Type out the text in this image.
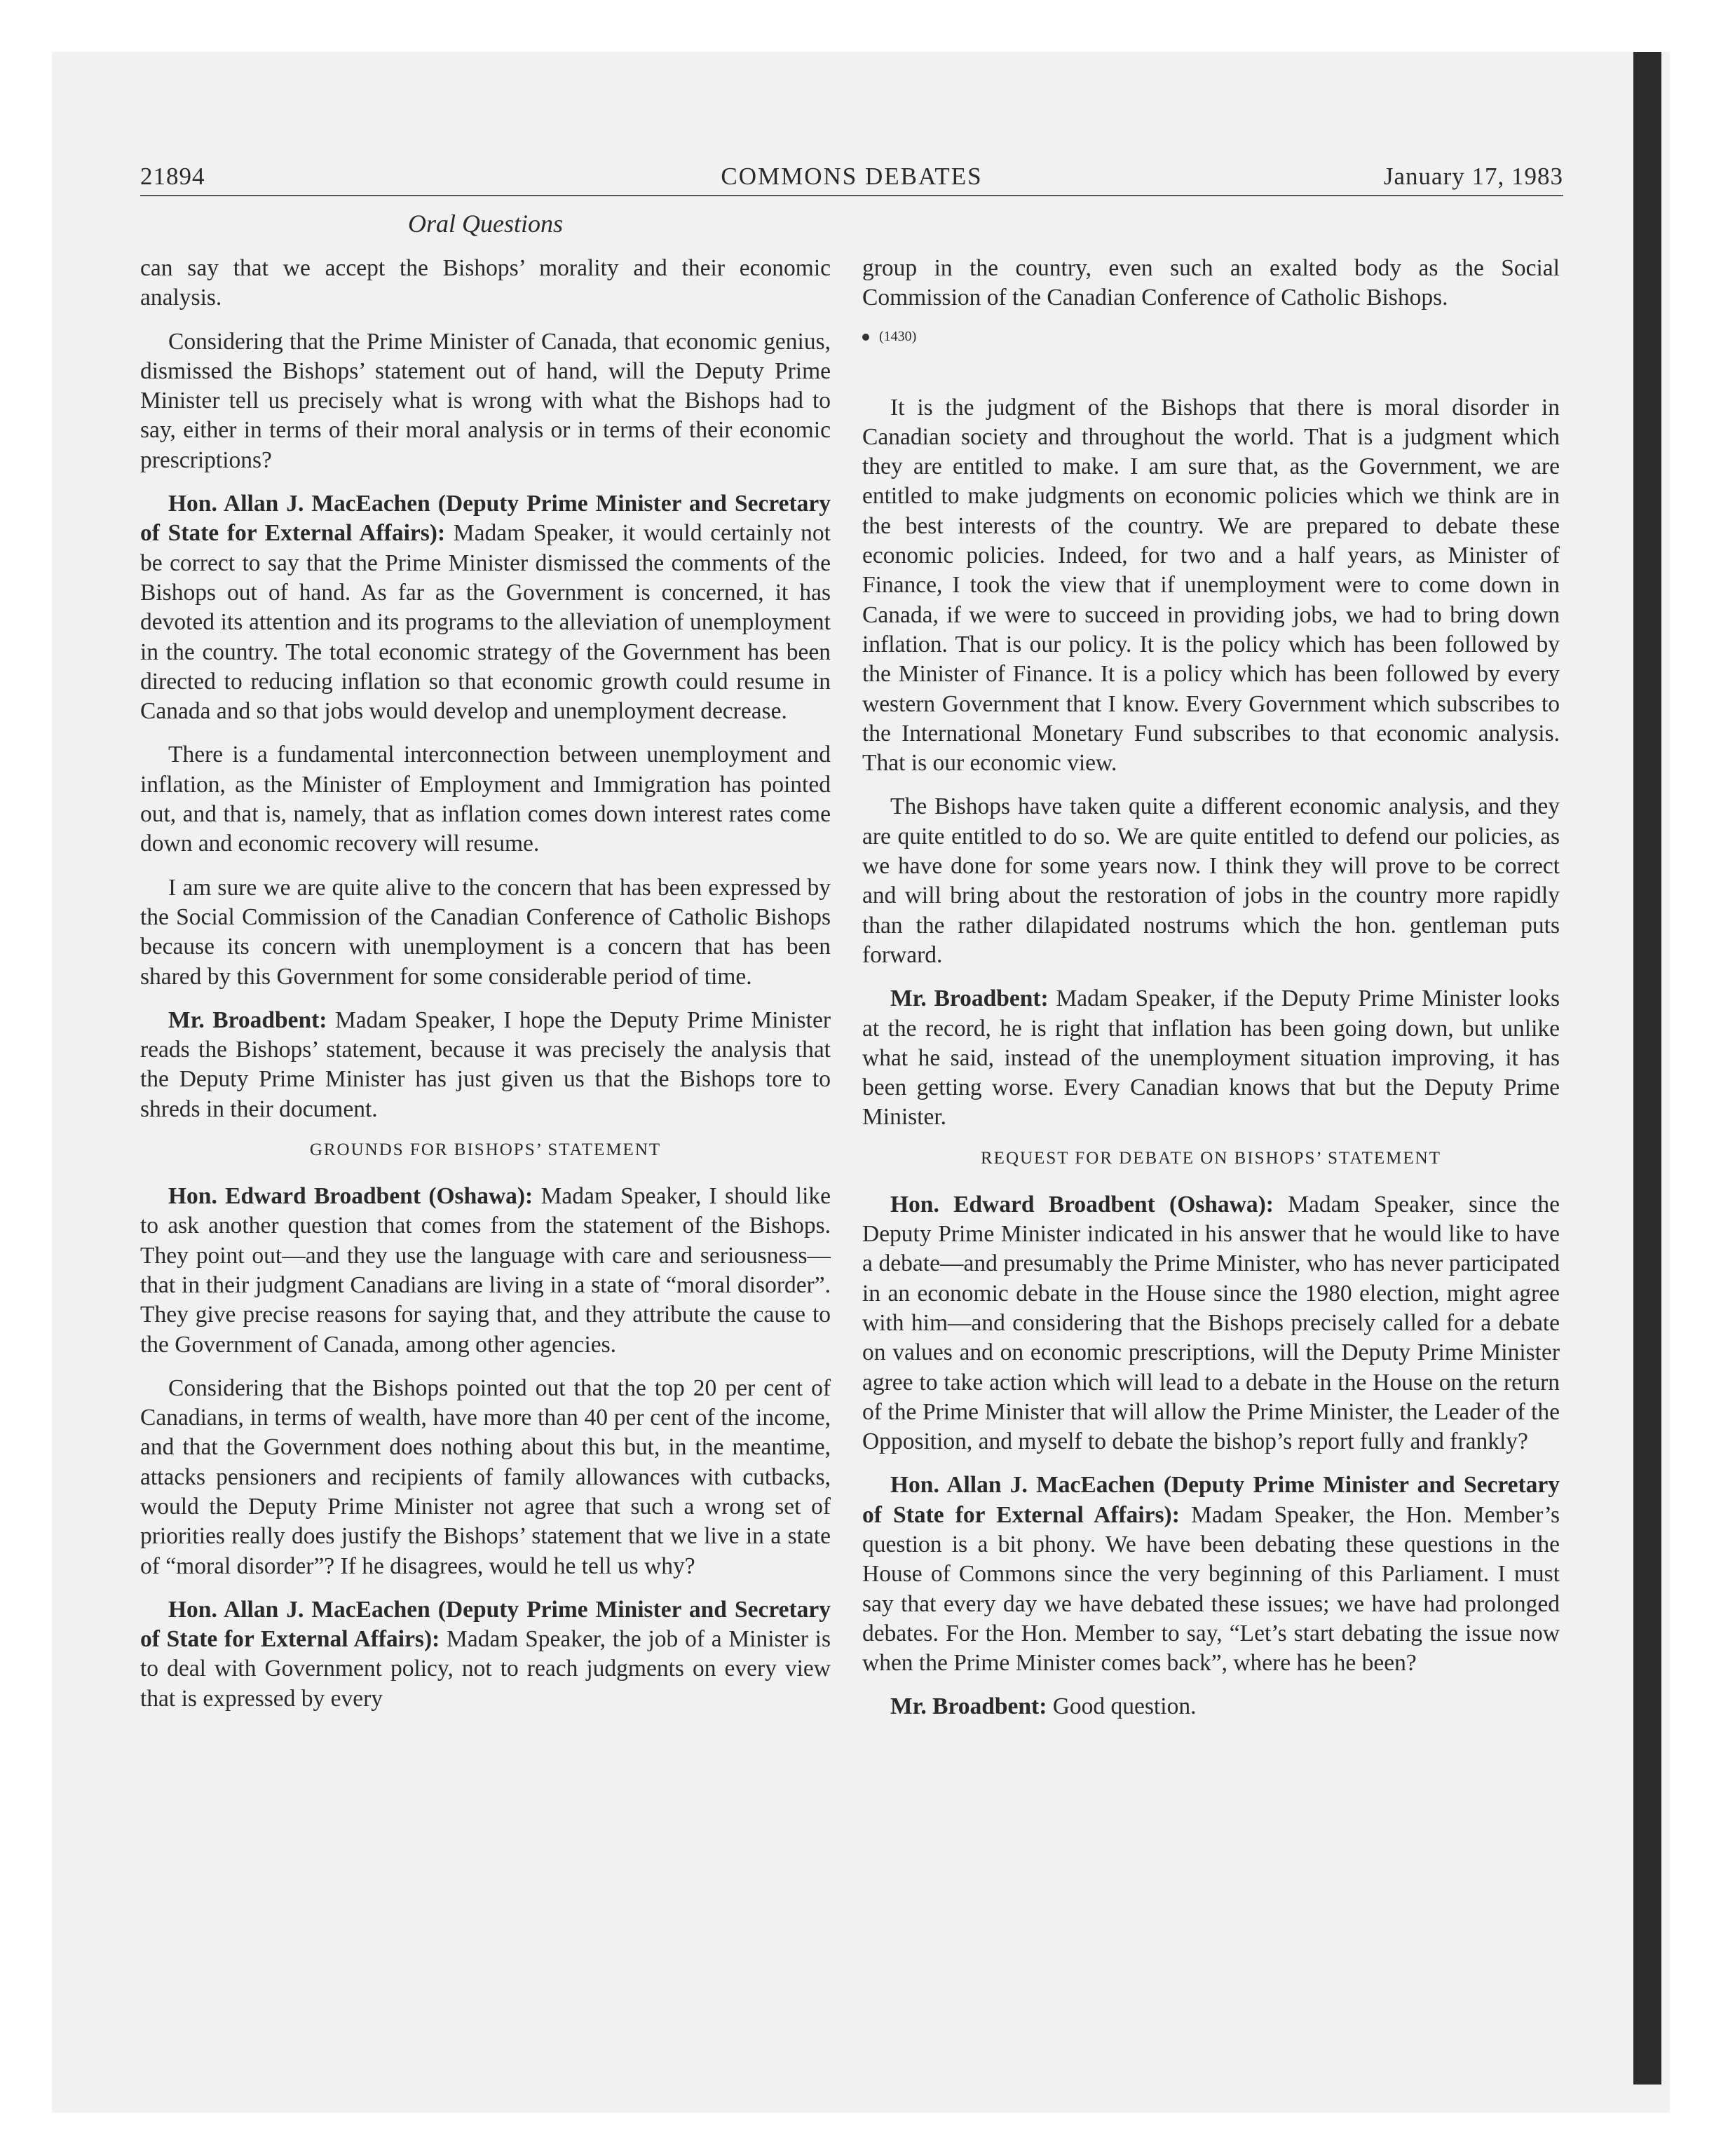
21894	COMMONS DEBATES	January 17, 1983
Oral Questions

can say that we accept the Bishops’ morality and their economic analysis.

Considering that the Prime Minister of Canada, that economic genius, dismissed the Bishops’ statement out of hand, will the Deputy Prime Minister tell us precisely what is wrong with what the Bishops had to say, either in terms of their moral analysis or in terms of their economic prescriptions?

Hon. Allan J. MacEachen (Deputy Prime Minister and Secretary of State for External Affairs): Madam Speaker, it would certainly not be correct to say that the Prime Minister dismissed the comments of the Bishops out of hand. As far as the Government is concerned, it has devoted its attention and its programs to the alleviation of unemployment in the country. The total economic strategy of the Government has been directed to reducing inflation so that economic growth could resume in Canada and so that jobs would develop and unemployment decrease.

There is a fundamental interconnection between unemployment and inflation, as the Minister of Employment and Immigration has pointed out, and that is, namely, that as inflation comes down interest rates come down and economic recovery will resume.

I am sure we are quite alive to the concern that has been expressed by the Social Commission of the Canadian Conference of Catholic Bishops because its concern with unemployment is a concern that has been shared by this Government for some considerable period of time.

Mr. Broadbent: Madam Speaker, I hope the Deputy Prime Minister reads the Bishops’ statement, because it was precisely the analysis that the Deputy Prime Minister has just given us that the Bishops tore to shreds in their document.

GROUNDS FOR BISHOPS’ STATEMENT

Hon. Edward Broadbent (Oshawa): Madam Speaker, I should like to ask another question that comes from the statement of the Bishops. They point out—and they use the language with care and seriousness—that in their judgment Canadians are living in a state of “moral disorder”. They give precise reasons for saying that, and they attribute the cause to the Government of Canada, among other agencies.

Considering that the Bishops pointed out that the top 20 per cent of Canadians, in terms of wealth, have more than 40 per cent of the income, and that the Government does nothing about this but, in the meantime, attacks pensioners and recipients of family allowances with cutbacks, would the Deputy Prime Minister not agree that such a wrong set of priorities really does justify the Bishops’ statement that we live in a state of “moral disorder”? If he disagrees, would he tell us why?

Hon. Allan J. MacEachen (Deputy Prime Minister and Secretary of State for External Affairs): Madam Speaker, the job of a Minister is to deal with Government policy, not to reach judgments on every view that is expressed by every

group in the country, even such an exalted body as the Social Commission of the Canadian Conference of Catholic Bishops.

(1430)

It is the judgment of the Bishops that there is moral disorder in Canadian society and throughout the world. That is a judgment which they are entitled to make. I am sure that, as the Government, we are entitled to make judgments on economic policies which we think are in the best interests of the country. We are prepared to debate these economic policies. Indeed, for two and a half years, as Minister of Finance, I took the view that if unemployment were to come down in Canada, if we were to succeed in providing jobs, we had to bring down inflation. That is our policy. It is the policy which has been followed by the Minister of Finance. It is a policy which has been followed by every western Government that I know. Every Government which subscribes to the International Monetary Fund subscribes to that economic analysis. That is our economic view.

The Bishops have taken quite a different economic analysis, and they are quite entitled to do so. We are quite entitled to defend our policies, as we have done for some years now. I think they will prove to be correct and will bring about the restoration of jobs in the country more rapidly than the rather dilapidated nostrums which the hon. gentleman puts forward.

Mr. Broadbent: Madam Speaker, if the Deputy Prime Minister looks at the record, he is right that inflation has been going down, but unlike what he said, instead of the unemployment situation improving, it has been getting worse. Every Canadian knows that but the Deputy Prime Minister.

REQUEST FOR DEBATE ON BISHOPS’ STATEMENT

Hon. Edward Broadbent (Oshawa): Madam Speaker, since the Deputy Prime Minister indicated in his answer that he would like to have a debate—and presumably the Prime Minister, who has never participated in an economic debate in the House since the 1980 election, might agree with him—and considering that the Bishops precisely called for a debate on values and on economic prescriptions, will the Deputy Prime Minister agree to take action which will lead to a debate in the House on the return of the Prime Minister that will allow the Prime Minister, the Leader of the Opposition, and myself to debate the bishop’s report fully and frankly?

Hon. Allan J. MacEachen (Deputy Prime Minister and Secretary of State for External Affairs): Madam Speaker, the Hon. Member’s question is a bit phony. We have been debating these questions in the House of Commons since the very beginning of this Parliament. I must say that every day we have debated these issues; we have had prolonged debates. For the Hon. Member to say, “Let’s start debating the issue now when the Prime Minister comes back”, where has he been?

Mr. Broadbent: Good question.
